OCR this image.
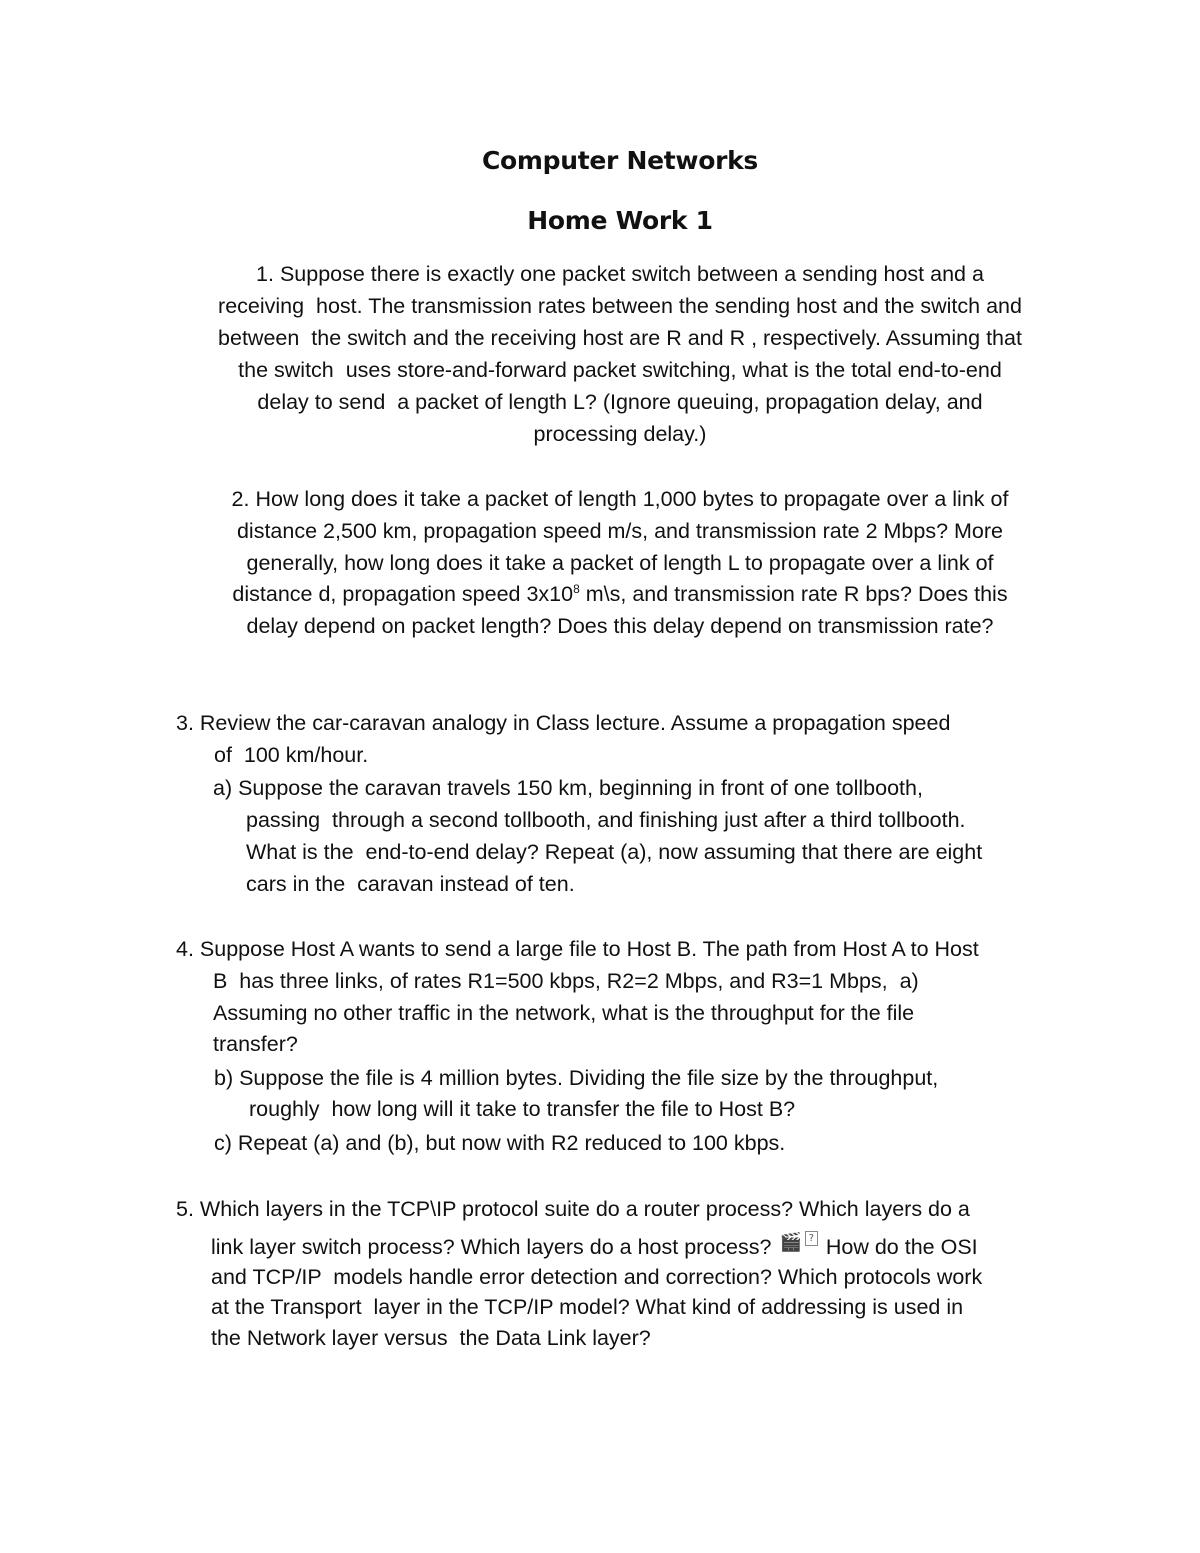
Computer Networks
Home Work 1
1. Suppose there is exactly one packet switch between a sending host and a
receiving  host. The transmission rates between the sending host and the switch and
between  the switch and the receiving host are R and R , respectively. Assuming that
the switch  uses store-and-forward packet switching, what is the total end-to-end
delay to send  a packet of length L? (Ignore queuing, propagation delay, and
processing delay.)
2. How long does it take a packet of length 1,000 bytes to propagate over a link of
distance 2,500 km, propagation speed m/s, and transmission rate 2 Mbps? More
generally, how long does it take a packet of length L to propagate over a link of
distance d, propagation speed $3x10^8$ m\s, and transmission rate R bps? Does this
delay depend on packet length? Does this delay depend on transmission rate?
3. Review the car-caravan analogy in Class lecture. Assume a propagation speed
of  100 km/hour.
a) Suppose the caravan travels 150 km, beginning in front of one tollbooth,
passing  through a second tollbooth, and finishing just after a third tollbooth.
What is the  end-to-end delay? Repeat (a), now assuming that there are eight
cars in the  caravan instead of ten.
4. Suppose Host A wants to send a large file to Host B. The path from Host A to Host
B  has three links, of rates R1=500 kbps, R2=2 Mbps, and R3=1 Mbps,  a)
Assuming no other traffic in the network, what is the throughput for the file
transfer?
b) Suppose the file is 4 million bytes. Dividing the file size by the throughput,
roughly  how long will it take to transfer the file to Host B?
c) Repeat (a) and (b), but now with R2 reduced to 100 kbps.
5. Which layers in the TCP\IP protocol suite do a router process? Which layers do a
link layer switch process? Which layers do a host process? 🎬 ? How do the OSI
and TCP/IP  models handle error detection and correction? Which protocols work
at the Transport  layer in the TCP/IP model? What kind of addressing is used in
the Network layer versus  the Data Link layer?
